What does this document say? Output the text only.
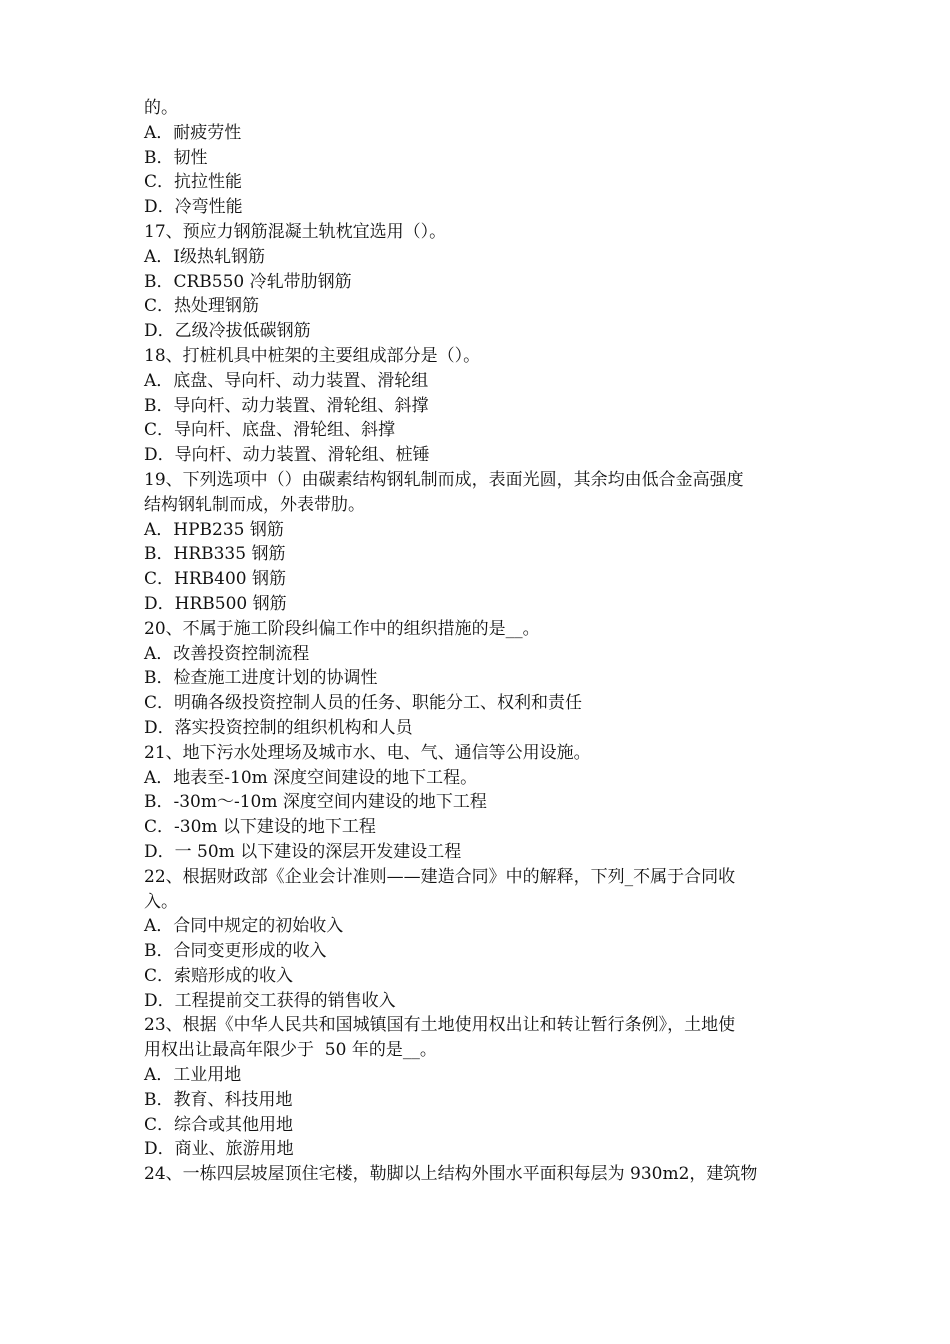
的。
A．耐疲劳性
B．韧性
C．抗拉性能
D．冷弯性能
17、预应力钢筋混凝土轨枕宜选用（）。
A．Ⅰ级热轧钢筋
B．CRB550 冷轧带肋钢筋
C．热处理钢筋
D．乙级冷拔低碳钢筋
18、打桩机具中桩架的主要组成部分是（）。
A．底盘、导向杆、动力装置、滑轮组
B．导向杆、动力装置、滑轮组、斜撑
C．导向杆、底盘、滑轮组、斜撑
D．导向杆、动力装置、滑轮组、桩锤
19、下列选项中（）由碳素结构钢轧制而成，表面光圆，其余均由低合金高强度
结构钢轧制而成，外表带肋。
A．HPB235 钢筋
B．HRB335 钢筋
C．HRB400 钢筋
D．HRB500 钢筋
20、不属于施工阶段纠偏工作中的组织措施的是__。
A．改善投资控制流程
B．检查施工进度计划的协调性
C．明确各级投资控制人员的任务、职能分工、权利和责任
D．落实投资控制的组织机构和人员
21、地下污水处理场及城市水、电、气、通信等公用设施。
A．地表至-10m 深度空间建设的地下工程。
B．-30m～-10m 深度空间内建设的地下工程
C．-30m 以下建设的地下工程
D．一 50m 以下建设的深层开发建设工程
22、根据财政部《企业会计准则——建造合同》中的解释，下列_不属于合同收
入。
A．合同中规定的初始收入
B．合同变更形成的收入
C．索赔形成的收入
D．工程提前交工获得的销售收入
23、根据《中华人民共和国城镇国有土地使用权出让和转让暂行条例》，土地使
用权出让最高年限少于  50 年的是__。
A．工业用地
B．教育、科技用地
C．综合或其他用地
D．商业、旅游用地
24、一栋四层坡屋顶住宅楼，勒脚以上结构外围水平面积每层为 930m2，建筑物
